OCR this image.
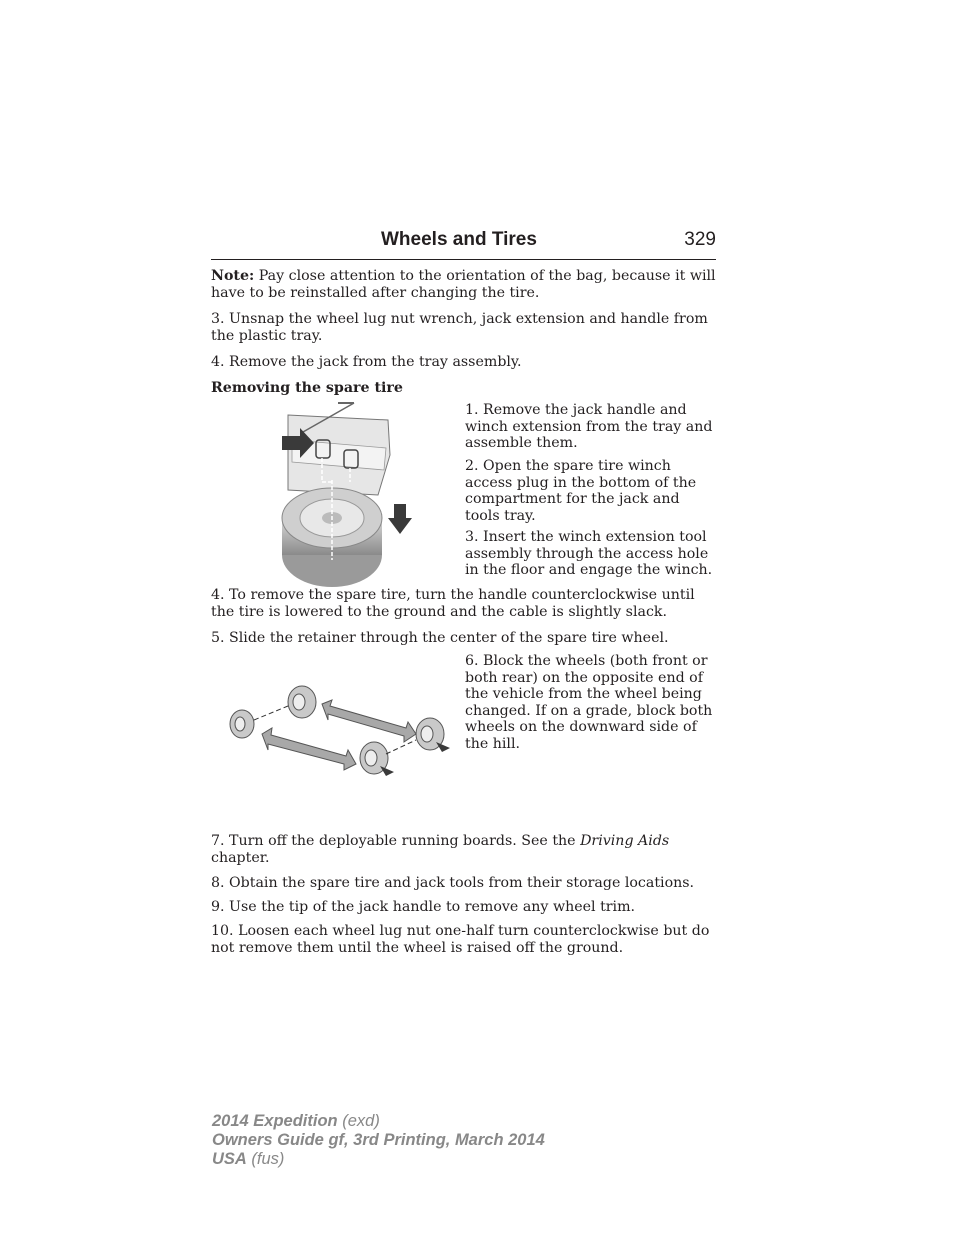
Wheels and Tires	329

Note: Pay close attention to the orientation of the bag, because it will have to be reinstalled after changing the tire.

3. Unsnap the wheel lug nut wrench, jack extension and handle from the plastic tray.

4. Remove the jack from the tray assembly.

Removing the spare tire

1. Remove the jack handle and winch extension from the tray and assemble them.

2. Open the spare tire winch access plug in the bottom of the compartment for the jack and tools tray.

3. Insert the winch extension tool assembly through the access hole in the floor and engage the winch.

4. To remove the spare tire, turn the handle counterclockwise until the tire is lowered to the ground and the cable is slightly slack.

5. Slide the retainer through the center of the spare tire wheel.

6. Block the wheels (both front or both rear) on the opposite end of the vehicle from the wheel being changed. If on a grade, block both wheels on the downward side of the hill.

7. Turn off the deployable running boards. See the Driving Aids chapter.

8. Obtain the spare tire and jack tools from their storage locations.

9. Use the tip of the jack handle to remove any wheel trim.

10. Loosen each wheel lug nut one-half turn counterclockwise but do not remove them until the wheel is raised off the ground.

2014 Expedition (exd)
Owners Guide gf, 3rd Printing, March 2014
USA (fus)
